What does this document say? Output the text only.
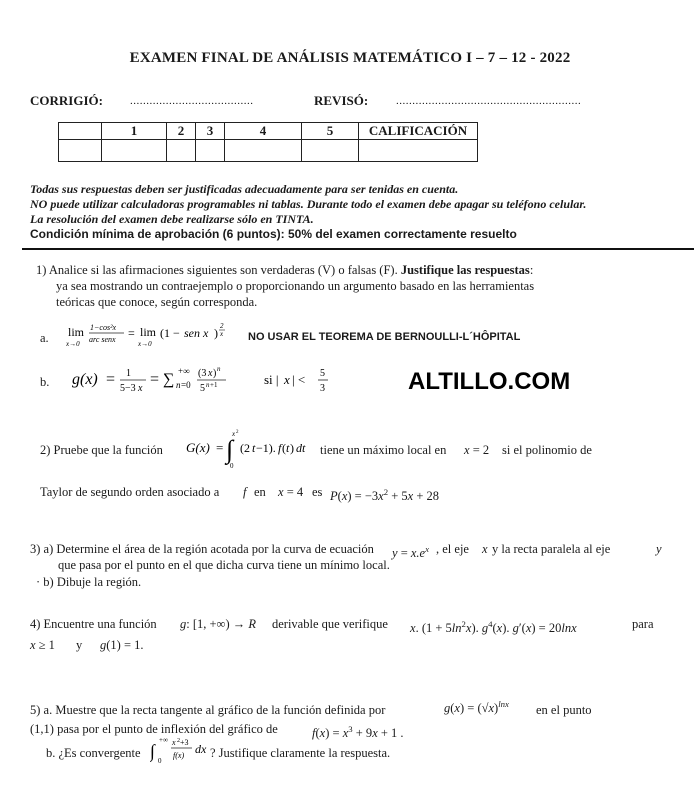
EXAMEN FINAL DE ANÁLISIS MATEMÁTICO I – 7 – 12 - 2022
CORRIGIÓ: ......................................	REVISÓ:	.........................................................
	1	2	3	4	5	CALIFICACIÓN

Todas sus respuestas deben ser justificadas adecuadamente para ser tenidas en cuenta.
NO puede utilizar calculadoras programables ni tablas. Durante todo el examen debe apagar su teléfono celular.
La resolución del examen debe realizarse sólo en TINTA.
Condición mínima de aprobación (6 puntos): 50% del examen correctamente resuelto
1) Analice si las afirmaciones siguientes son verdaderas (V) o falsas (F). Justifique las respuestas:
ya sea mostrando un contraejemplo o proporcionando un argumento basado en las herramientas
teóricas que conoce, según corresponda.
a. lim
x→0
1−cos²x
arc senx = lim
x→0
(1 − sen x ) 2
x NO USAR EL TEOREMA DE BERNOULLI-L´HÔPITAL
b. g(x) = 1
5−3 x
= ∑ +∞
n =0
(3 x ) n
5 n +1	si | x | < 5
3	ALTILLO.COM
2) Pruebe que la función G(x) = ∫
x 2
0
(2 t −1). f ( t ) dt tiene un máximo local en x = 2 si el polinomio de
Taylor de segundo orden asociado a f en x = 4 es $P(x) = -3x^2 + 5x + 28$
3) a) Determine el área de la región acotada por la curva de ecuación $y = x.e^x$ , el eje x y la recta paralela al eje	y
que pasa por el punto en el que dicha curva tiene un mínimo local.
· b) Dibuje la región.
4) Encuentre una función g: [1, +∞) → R derivable que verifique x. $(1 + 5\ln^2x)$. $g^4(x)$. g′(x) = 20lnx	para
x ≥ 1 y g(1) = 1.
5) a. Muestre que la recta tangente al gráfico de la función definida por	$g(x) = (√x)^{lnx}$ en el punto
(1,1) pasa por el punto de inflexión del gráfico de	$f(x) = x^3 + 9x + 1$ .
b. ¿Es convergente ∫
+∞
0
x 2 +3
f(x) dx ? Justifique claramente la respuesta.
